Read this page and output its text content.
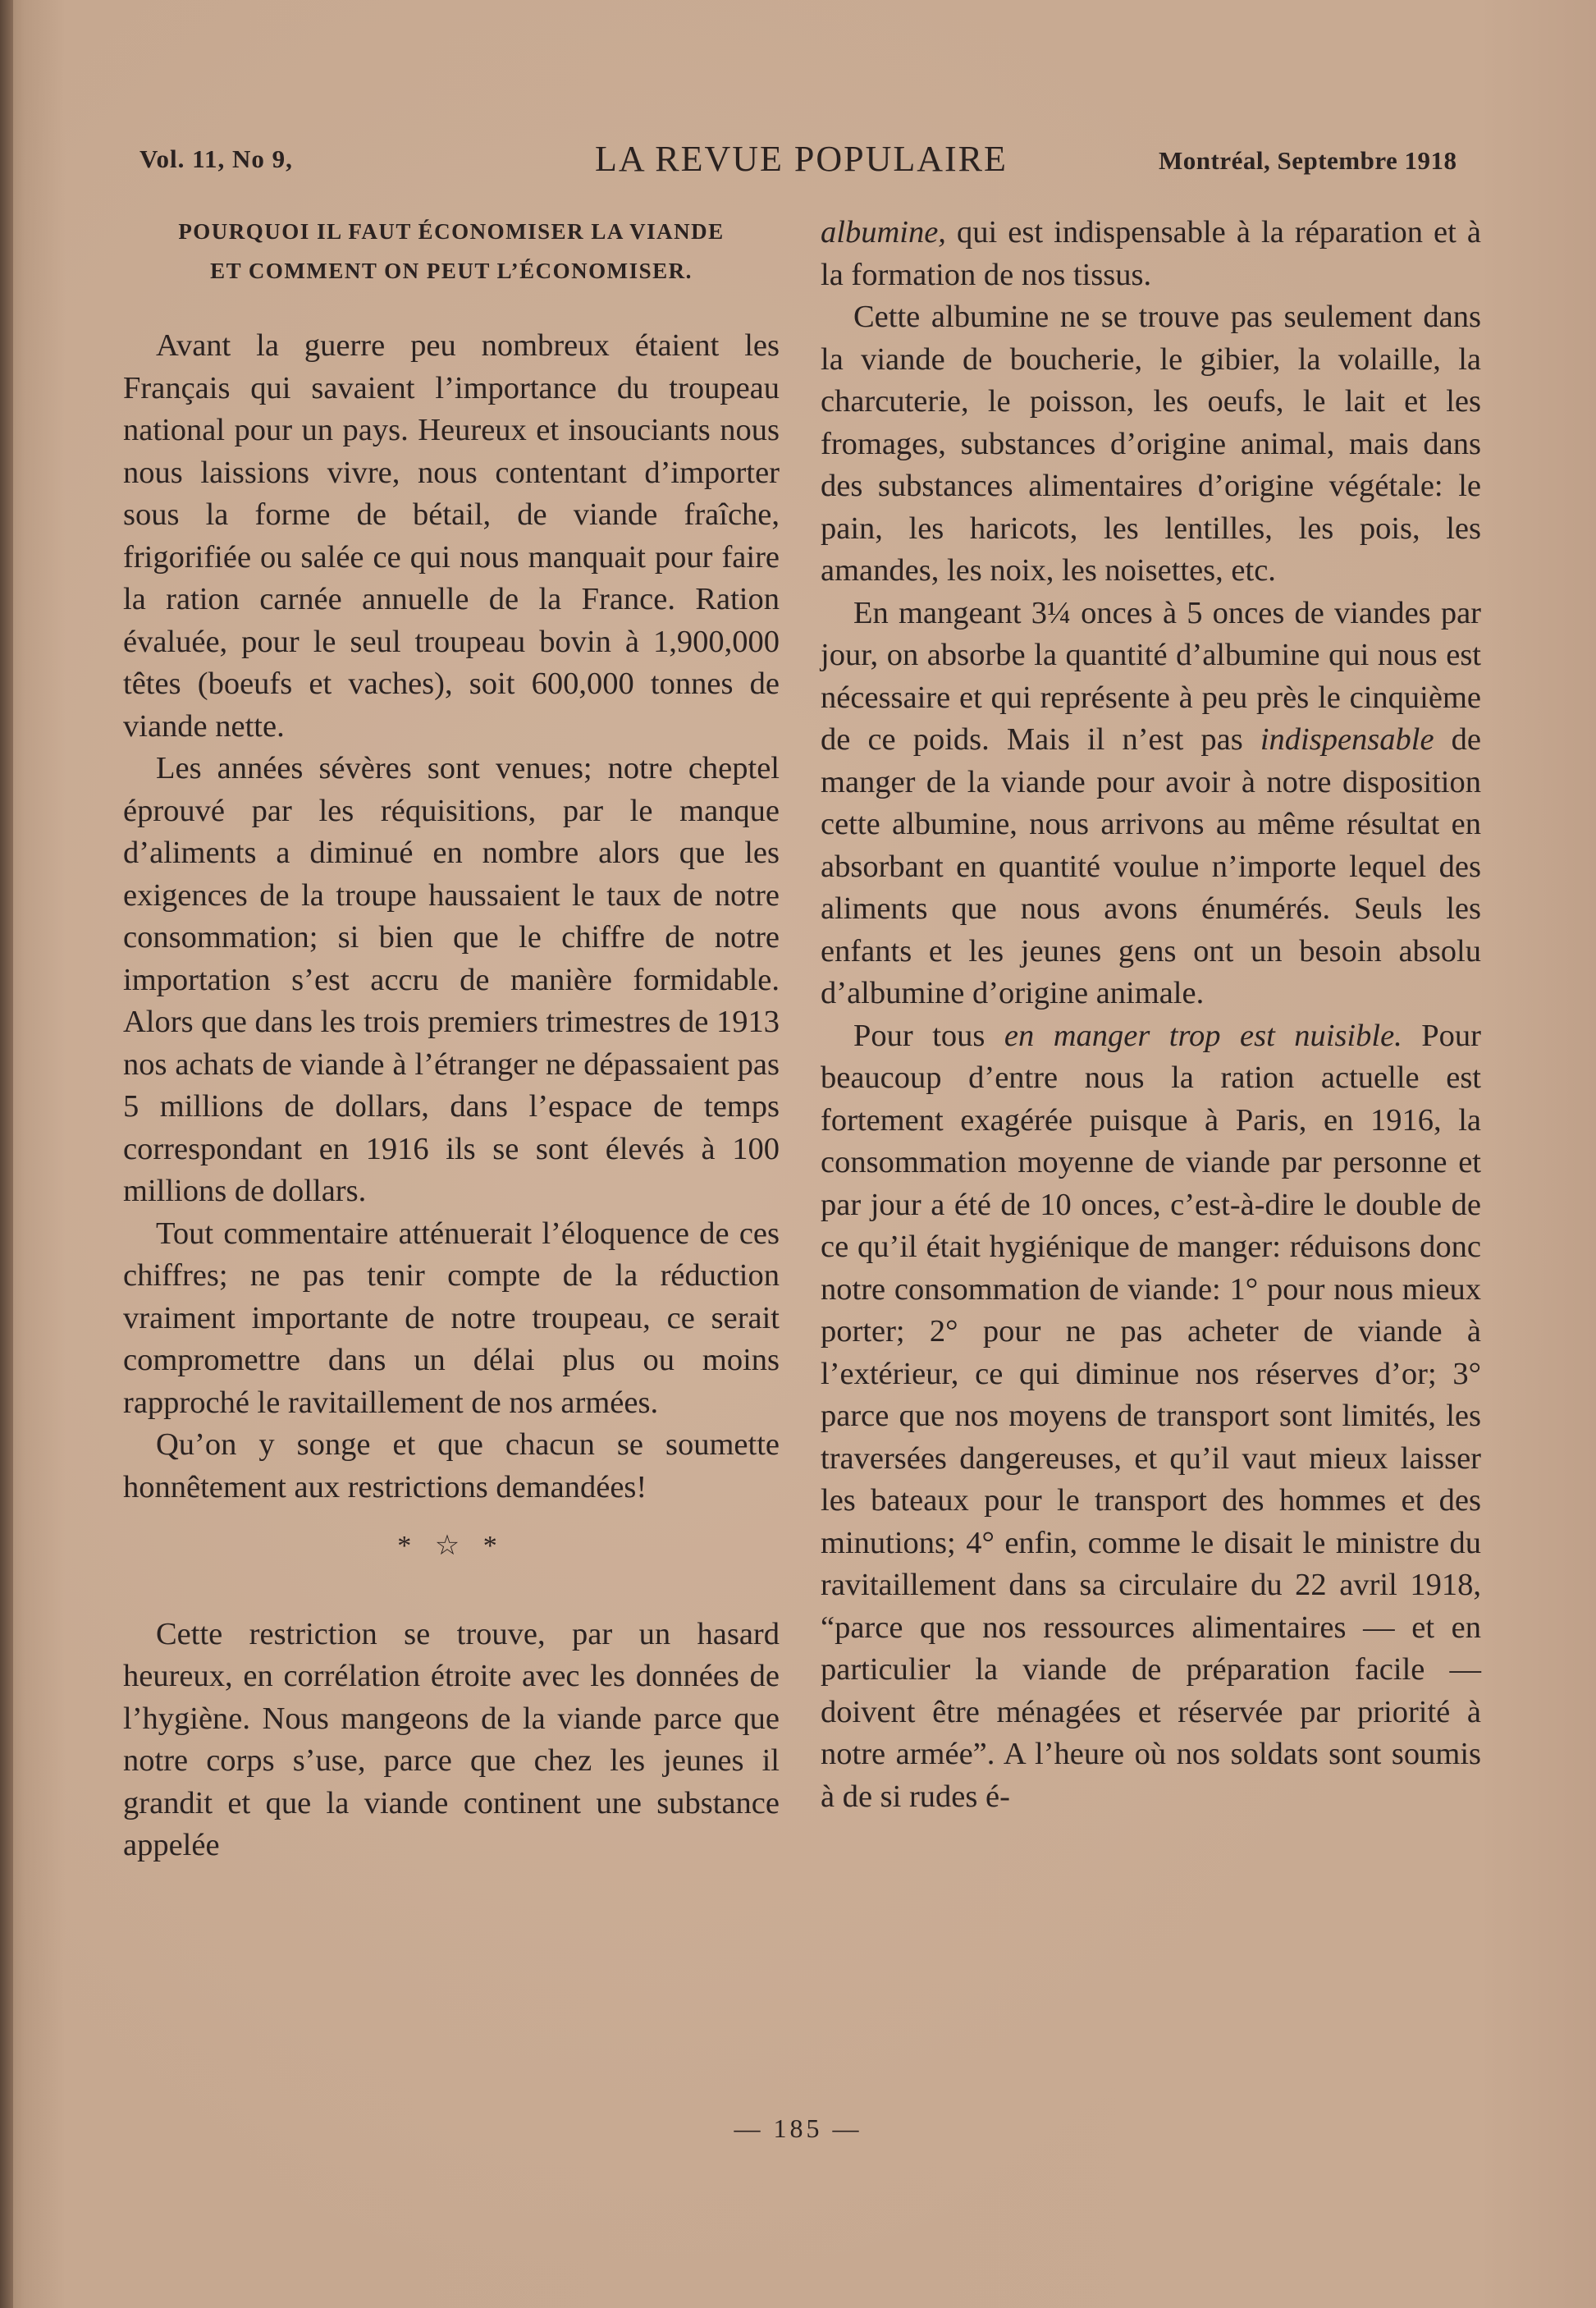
Vol. 11, No 9,	LA REVUE POPULAIRE	Montréal, Septembre 1918
POURQUOI IL FAUT ÉCONOMISER LA VIANDE
ET COMMENT ON PEUT L’ÉCONOMISER.

Avant la guerre peu nombreux étaient les Français qui savaient l’importance du troupeau national pour un pays. Heureux et insouciants nous nous laissions vivre, nous contentant d’importer sous la forme de bétail, de viande fraîche, frigorifiée ou salée ce qui nous manquait pour faire la ration carnée annuelle de la France. Ration évaluée, pour le seul troupeau bovin à 1,900,000 têtes (boeufs et vaches), soit 600,000 tonnes de viande nette.

Les années sévères sont venues; notre cheptel éprouvé par les réquisitions, par le manque d’aliments a diminué en nombre alors que les exigences de la troupe haussaient le taux de notre consommation; si bien que le chiffre de notre importation s’est accru de manière formidable. Alors que dans les trois premiers trimestres de 1913 nos achats de viande à l’étranger ne dépassaient pas 5 millions de dollars, dans l’espace de temps correspondant en 1916 ils se sont élevés à 100 millions de dollars.

Tout commentaire atténuerait l’éloquence de ces chiffres; ne pas tenir compte de la réduction vraiment importante de notre troupeau, ce serait compromettre dans un délai plus ou moins rapproché le ravitaillement de nos armées.

Qu’on y songe et que chacun se soumette honnêtement aux restrictions demandées!

* ☆ *

Cette restriction se trouve, par un hasard heureux, en corrélation étroite avec les données de l’hygiène. Nous mangeons de la viande parce que notre corps s’use, parce que chez les jeunes il grandit et que la viande continent une substance appelée

albumine, qui est indispensable à la réparation et à la formation de nos tissus.

Cette albumine ne se trouve pas seulement dans la viande de boucherie, le gibier, la volaille, la charcuterie, le poisson, les oeufs, le lait et les fromages, substances d’origine animal, mais dans des substances alimentaires d’origine végétale: le pain, les haricots, les lentilles, les pois, les amandes, les noix, les noisettes, etc.

En mangeant 3¼ onces à 5 onces de viandes par jour, on absorbe la quantité d’albumine qui nous est nécessaire et qui représente à peu près le cinquième de ce poids. Mais il n’est pas indispensable de manger de la viande pour avoir à notre disposition cette albumine, nous arrivons au même résultat en absorbant en quantité voulue n’importe lequel des aliments que nous avons énumérés. Seuls les enfants et les jeunes gens ont un besoin absolu d’albumine d’origine animale.

Pour tous en manger trop est nuisible. Pour beaucoup d’entre nous la ration actuelle est fortement exagérée puisque à Paris, en 1916, la consommation moyenne de viande par personne et par jour a été de 10 onces, c’est-à-dire le double de ce qu’il était hygiénique de manger: réduisons donc notre consommation de viande: 1° pour nous mieux porter; 2° pour ne pas acheter de viande à l’extérieur, ce qui diminue nos réserves d’or; 3° parce que nos moyens de transport sont limités, les traversées dangereuses, et qu’il vaut mieux laisser les bateaux pour le transport des hommes et des minutions; 4° enfin, comme le disait le ministre du ravitaillement dans sa circulaire du 22 avril 1918, “parce que nos ressources alimentaires — et en particulier la viande de préparation facile — doivent être ménagées et réservée par priorité à notre armée”. A l’heure où nos soldats sont soumis à de si rudes é-

— 185 —
